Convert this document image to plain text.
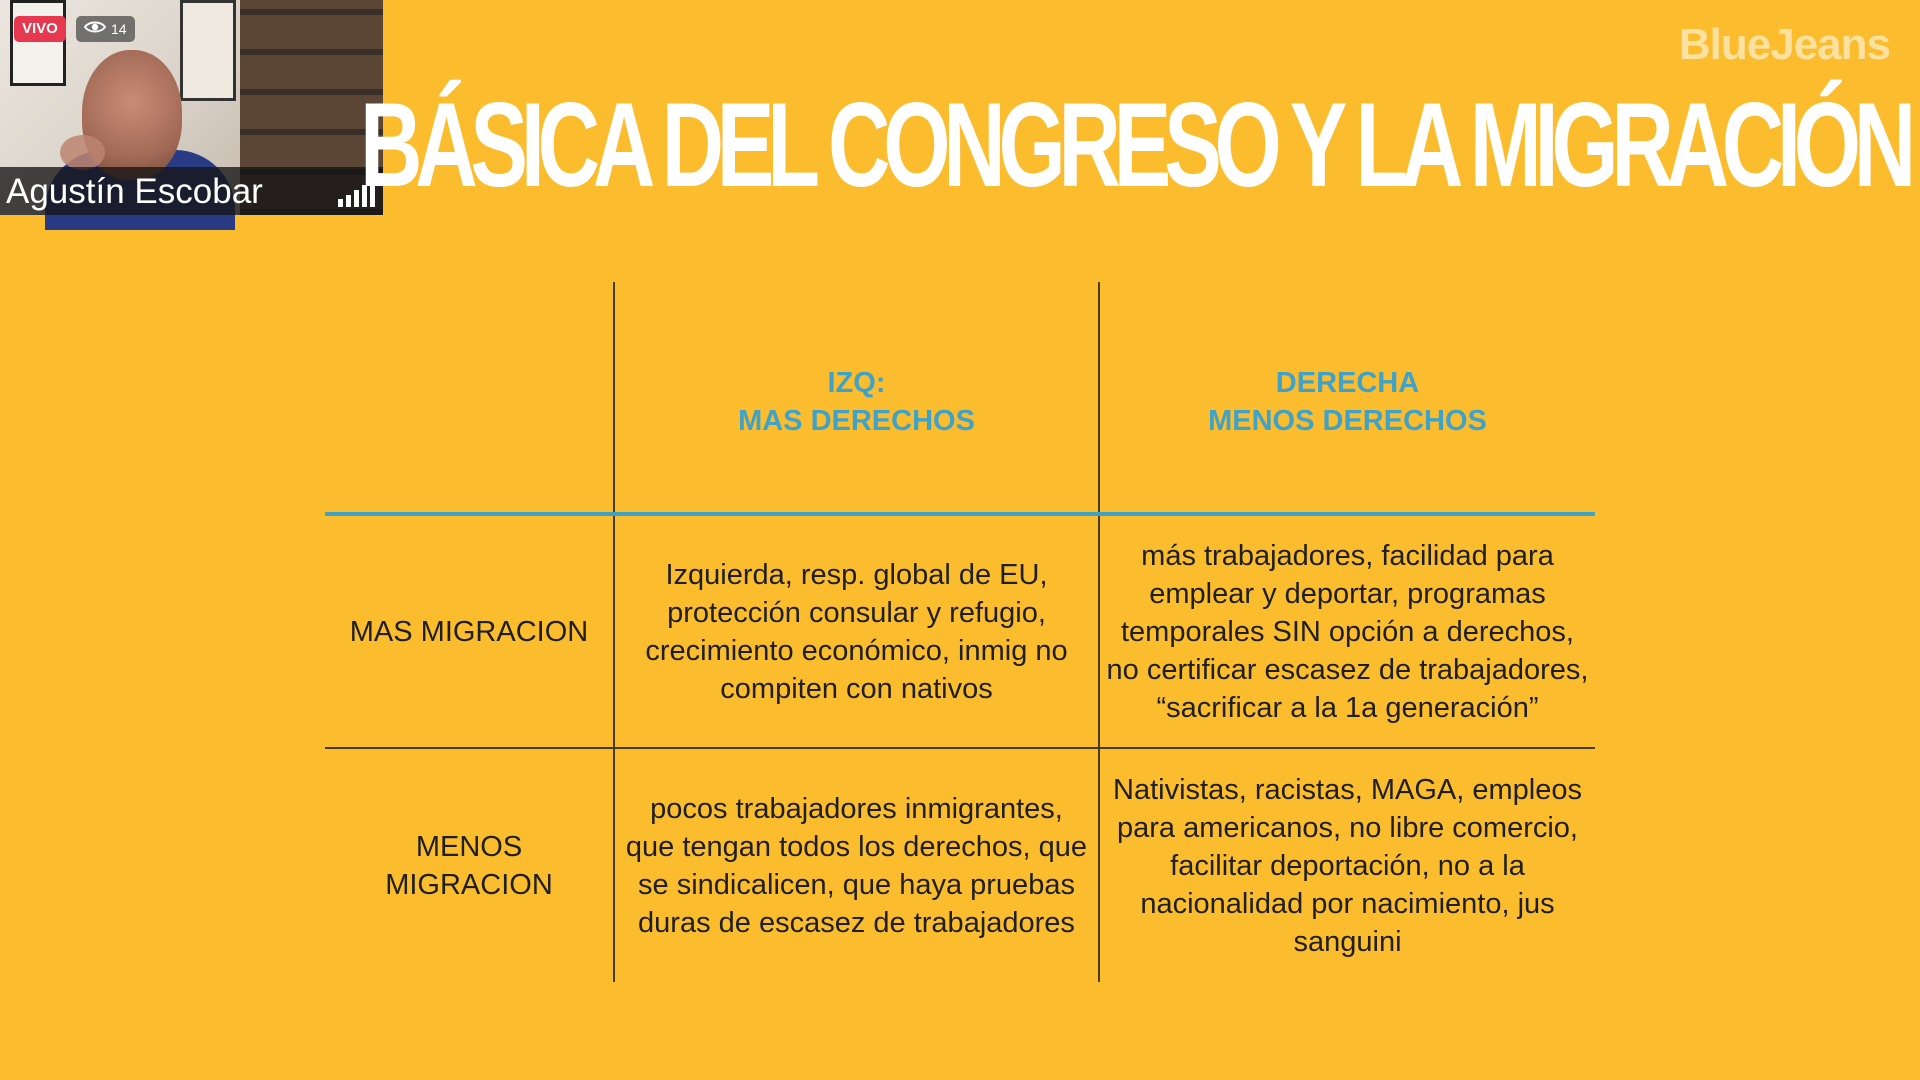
VIVO	14
Agustín Escobar
BlueJeans
BÁSICA DEL CONGRESO Y LA MIGRACIÓN
IZQ:
MAS DERECHOS
DERECHA
MENOS DERECHOS
MAS MIGRACION
Izquierda, resp. global de EU, protección consular y refugio, crecimiento económico, inmig no compiten con nativos
más trabajadores, facilidad para emplear y deportar, programas temporales SIN opción a derechos, no certificar escasez de trabajadores, “sacrificar a la 1a generación”
MENOS MIGRACION
pocos trabajadores inmigrantes, que tengan todos los derechos, que se sindicalicen, que haya pruebas duras de escasez de trabajadores
Nativistas, racistas, MAGA, empleos para americanos, no libre comercio, facilitar deportación, no a la nacionalidad por nacimiento, jus sanguini
